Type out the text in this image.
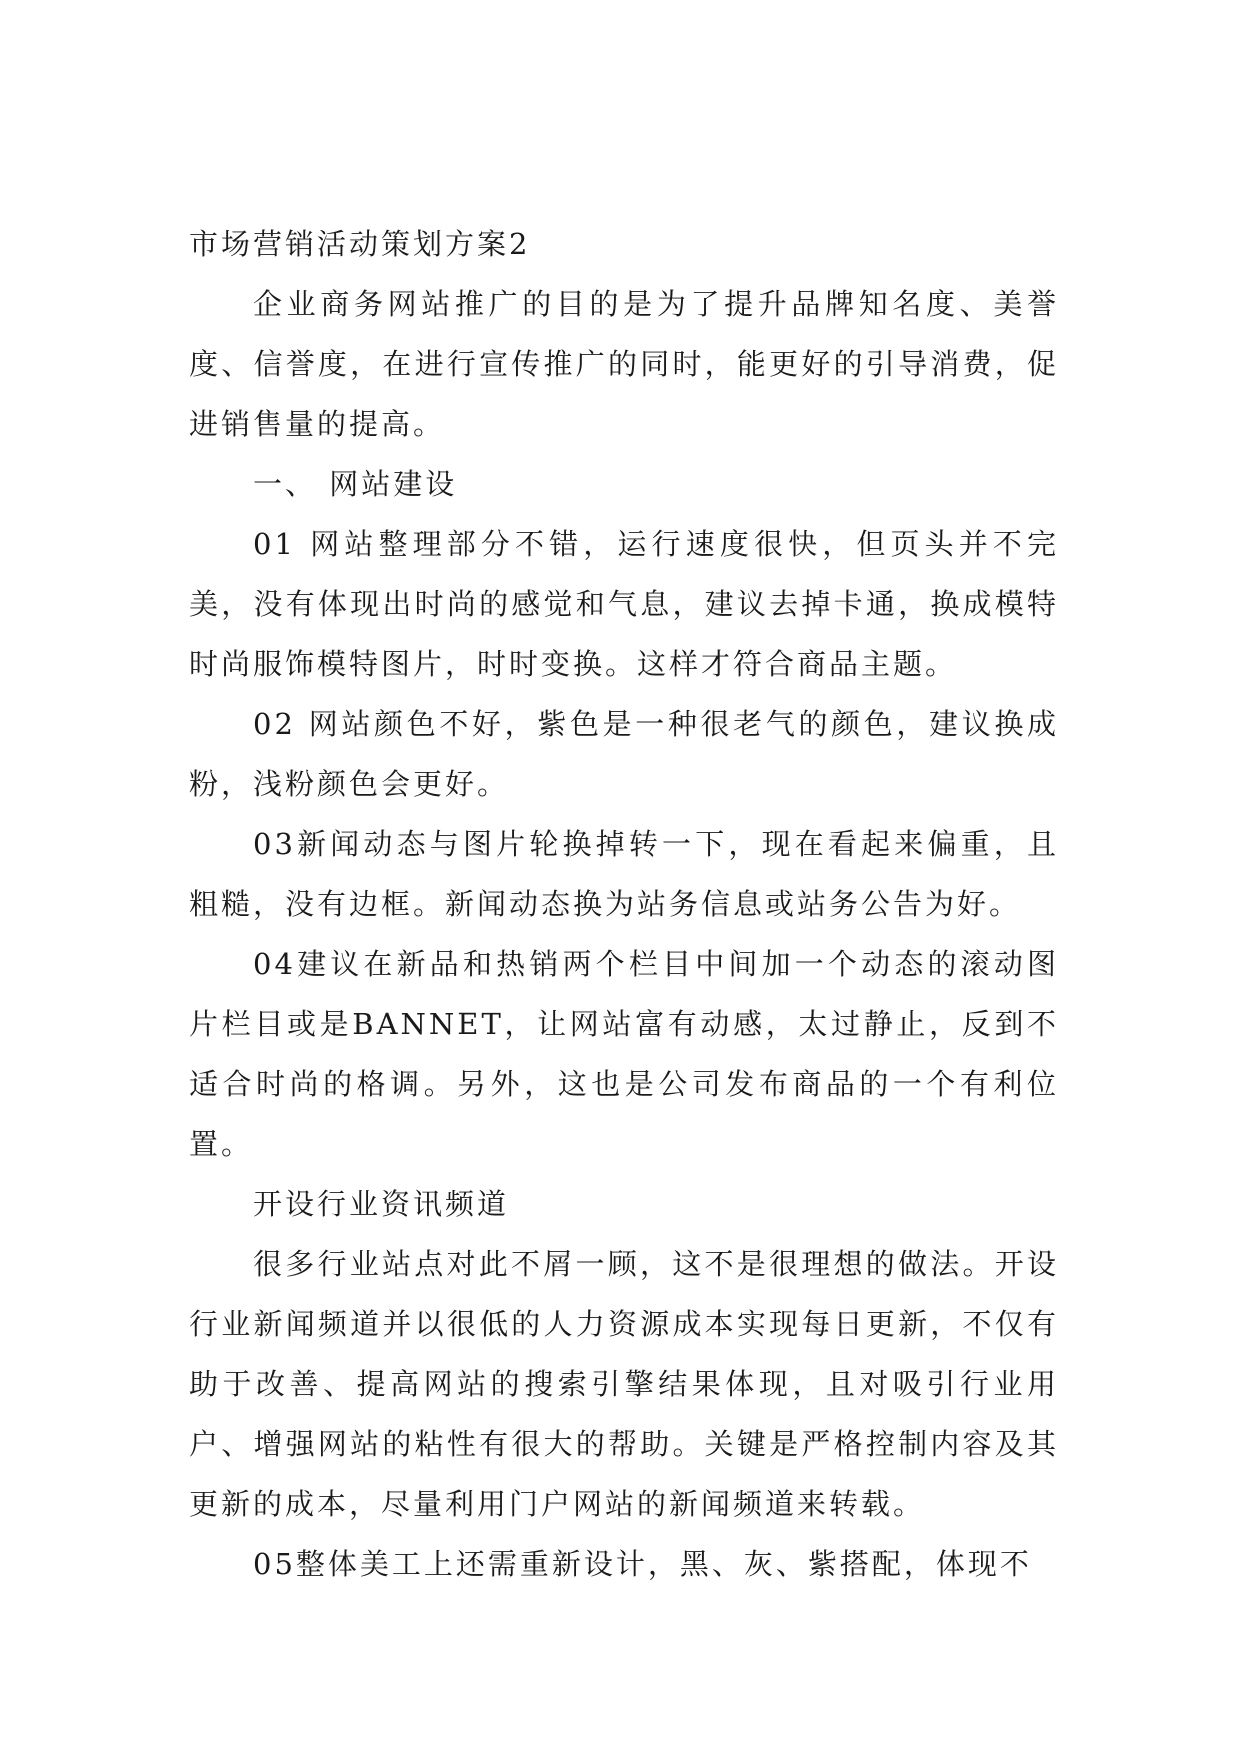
市场营销活动策划方案2

企业商务网站推广的目的是为了提升品牌知名度、美誉度、信誉度，在进行宣传推广的同时，能更好的引导消费，促进销售量的提高。

一、 网站建设

01 网站整理部分不错，运行速度很快，但页头并不完美，没有体现出时尚的感觉和气息，建议去掉卡通，换成模特时尚服饰模特图片，时时变换。这样才符合商品主题。

02 网站颜色不好，紫色是一种很老气的颜色，建议换成粉，浅粉颜色会更好。

03新闻动态与图片轮换掉转一下，现在看起来偏重，且粗糙，没有边框。新闻动态换为站务信息或站务公告为好。

04建议在新品和热销两个栏目中间加一个动态的滚动图片栏目或是BANNET，让网站富有动感，太过静止，反到不适合时尚的格调。另外，这也是公司发布商品的一个有利位置。

开设行业资讯频道

很多行业站点对此不屑一顾，这不是很理想的做法。开设行业新闻频道并以很低的人力资源成本实现每日更新，不仅有助于改善、提高网站的搜索引擎结果体现，且对吸引行业用户、增强网站的粘性有很大的帮助。关键是严格控制内容及其更新的成本，尽量利用门户网站的新闻频道来转载。

05整体美工上还需重新设计，黑、灰、紫搭配，体现不
